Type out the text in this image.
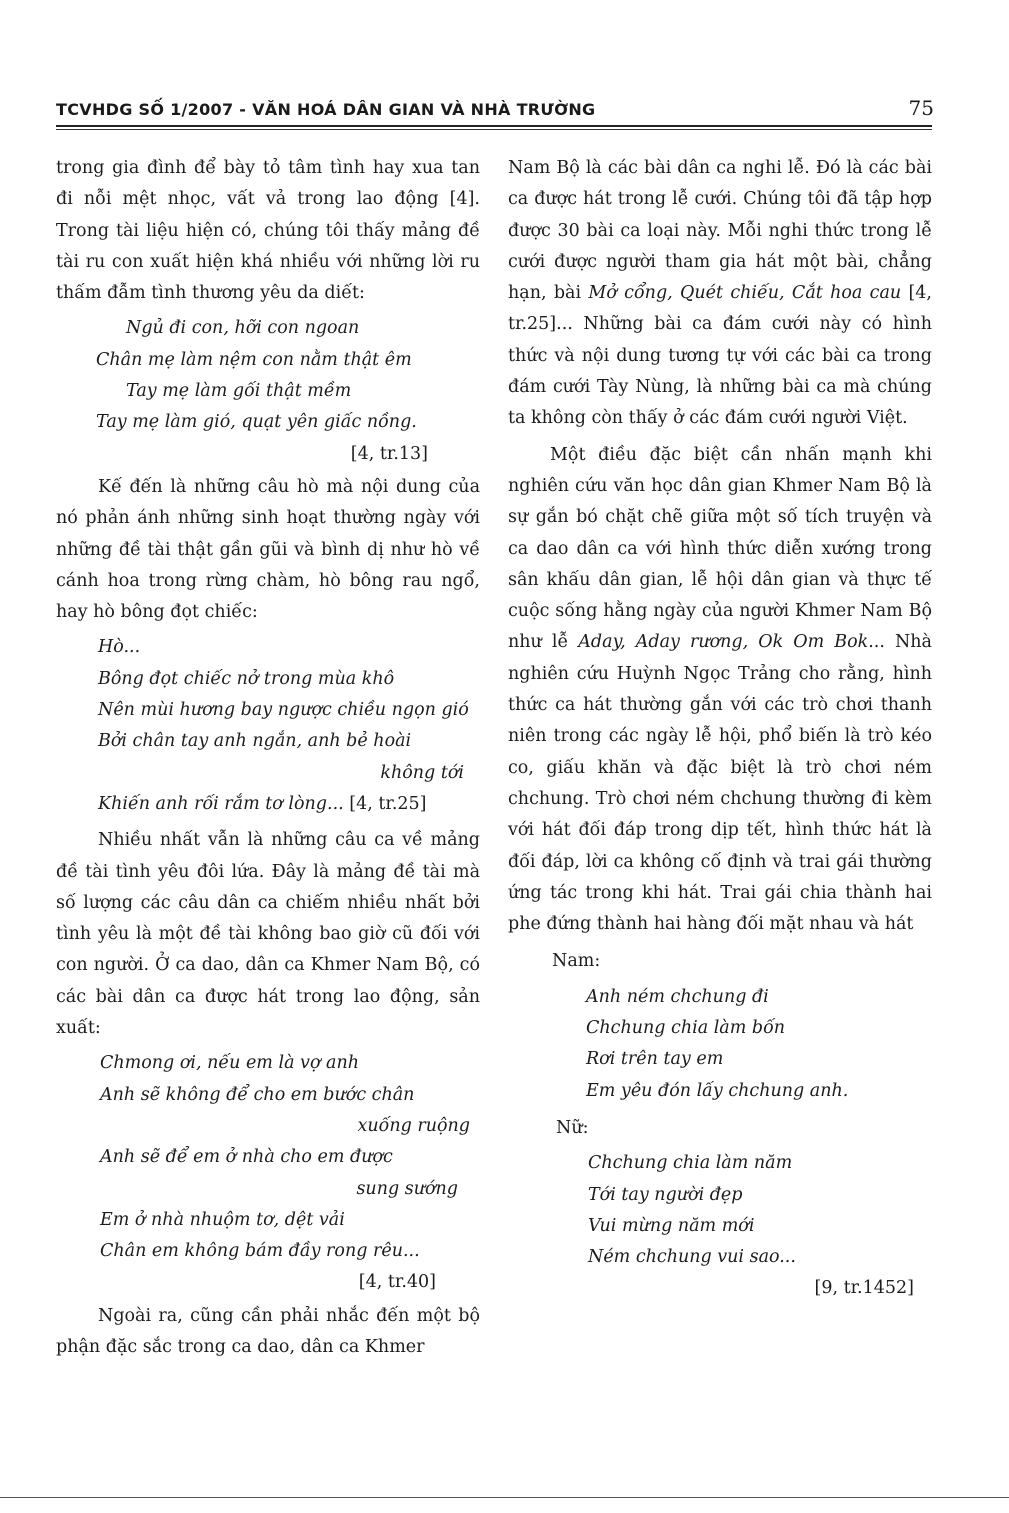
TCVHDG SỐ 1/2007 - VĂN HOÁ DÂN GIAN VÀ NHÀ TRƯỜNG	75

trong gia đình để bày tỏ tâm tình hay xua tan đi nỗi mệt nhọc, vất vả trong lao động [4]. Trong tài liệu hiện có, chúng tôi thấy mảng đề tài ru con xuất hiện khá nhiều với những lời ru thấm đẫm tình thương yêu da diết:

Ngủ đi con, hỡi con ngoan
Chân mẹ làm nệm con nằm thật êm
Tay mẹ làm gối thật mềm
Tay mẹ làm gió, quạt yên giấc nồng.
[4, tr.13]

Kế đến là những câu hò mà nội dung của nó phản ánh những sinh hoạt thường ngày với những đề tài thật gần gũi và bình dị như hò về cánh hoa trong rừng chàm, hò bông rau ngổ, hay hò bông đọt chiếc:

Hò...
Bông đọt chiếc nở trong mùa khô
Nên mùi hương bay ngược chiều ngọn gió
Bởi chân tay anh ngắn, anh bẻ hoài
không tới
Khiến anh rối rắm tơ lòng... [4, tr.25]

Nhiều nhất vẫn là những câu ca về mảng đề tài tình yêu đôi lứa. Đây là mảng đề tài mà số lượng các câu dân ca chiếm nhiều nhất bởi tình yêu là một đề tài không bao giờ cũ đối với con người. Ở ca dao, dân ca Khmer Nam Bộ, có các bài dân ca được hát trong lao động, sản xuất:

Chmong ơi, nếu em là vợ anh
Anh sẽ không để cho em bước chân
xuống ruộng
Anh sẽ để em ở nhà cho em được
sung sướng
Em ở nhà nhuộm tơ, dệt vải
Chân em không bám đầy rong rêu...
[4, tr.40]

Ngoài ra, cũng cần phải nhắc đến một bộ phận đặc sắc trong ca dao, dân ca Khmer

Nam Bộ là các bài dân ca nghi lễ. Đó là các bài ca được hát trong lễ cưới. Chúng tôi đã tập hợp được 30 bài ca loại này. Mỗi nghi thức trong lễ cưới được người tham gia hát một bài, chẳng hạn, bài Mở cổng, Quét chiếu, Cắt hoa cau [4, tr.25]... Những bài ca đám cưới này có hình thức và nội dung tương tự với các bài ca trong đám cưới Tày Nùng, là những bài ca mà chúng ta không còn thấy ở các đám cưới người Việt.

Một điều đặc biệt cần nhấn mạnh khi nghiên cứu văn học dân gian Khmer Nam Bộ là sự gắn bó chặt chẽ giữa một số tích truyện và ca dao dân ca với hình thức diễn xướng trong sân khấu dân gian, lễ hội dân gian và thực tế cuộc sống hằng ngày của người Khmer Nam Bộ như lễ Aday, Aday rương, Ok Om Bok... Nhà nghiên cứu Huỳnh Ngọc Trảng cho rằng, hình thức ca hát thường gắn với các trò chơi thanh niên trong các ngày lễ hội, phổ biến là trò kéo co, giấu khăn và đặc biệt là trò chơi ném chchung. Trò chơi ném chchung thường đi kèm với hát đối đáp trong dịp tết, hình thức hát là đối đáp, lời ca không cố định và trai gái thường ứng tác trong khi hát. Trai gái chia thành hai phe đứng thành hai hàng đối mặt nhau và hát

Nam:
Anh ném chchung đi
Chchung chia làm bốn
Rơi trên tay em
Em yêu đón lấy chchung anh.
Nữ:
Chchung chia làm năm
Tới tay người đẹp
Vui mừng năm mới
Ném chchung vui sao...
[9, tr.1452]
